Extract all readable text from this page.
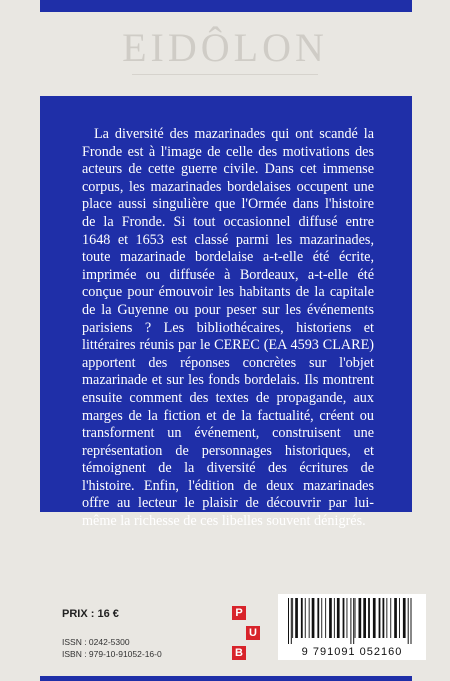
EIDÔLON

La diversité des mazarinades qui ont scandé la Fronde est à l'image de celle des motivations des acteurs de cette guerre civile. Dans cet immense corpus, les mazarinades bordelaises occupent une place aussi singulière que l'Ormée dans l'histoire de la Fronde. Si tout occasionnel diffusé entre 1648 et 1653 est classé parmi les mazarinades, toute mazarinade bordelaise a-t-elle été écrite, imprimée ou diffusée à Bordeaux, a-t-elle été conçue pour émouvoir les habitants de la capitale de la Guyenne ou pour peser sur les événements parisiens ? Les bibliothécaires, historiens et littéraires réunis par le CEREC (EA 4593 CLARE) apportent des réponses concrètes sur l'objet mazarinade et sur les fonds bordelais. Ils montrent ensuite comment des textes de propagande, aux marges de la fiction et de la factualité, créent ou transforment un événement, construisent une représentation de personnages historiques, et témoignent de la diversité des écritures de l'histoire. Enfin, l'édition de deux mazarinades offre au lecteur le plaisir de découvrir par lui-même la richesse de ces libelles souvent dénigrés.

PRIX : 16 €
ISSN : 0242-5300
ISBN : 979-10-91052-16-0
P
U
B	9 791091 052160
